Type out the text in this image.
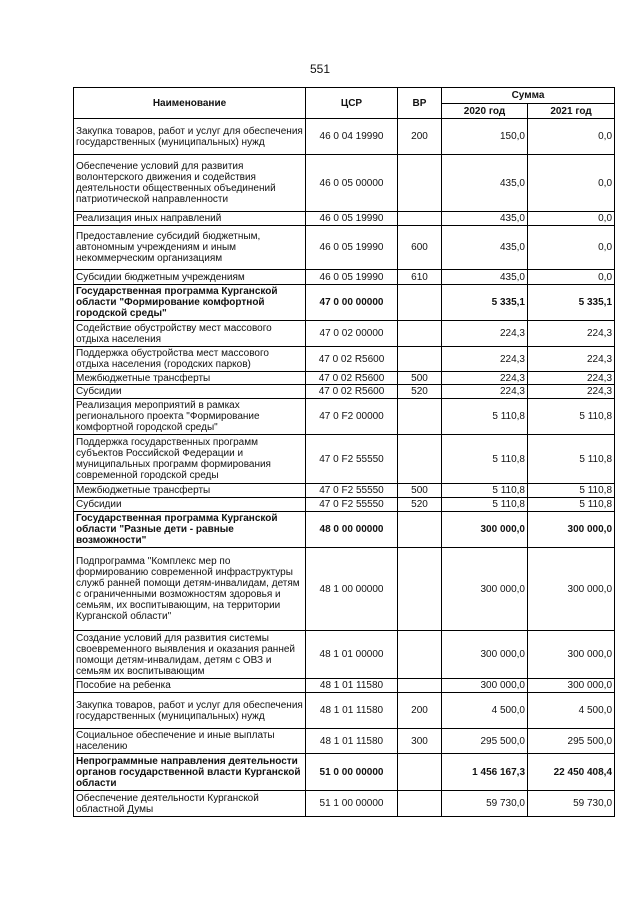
551
Наименование	ЦСР	ВР	Сумма	
			2020 год	2021 год
Закупка товаров, работ и услуг для обеспечения государственных (муниципальных) нужд	46 0 04 19990	200	150,0	0,0
Обеспечение условий для развития волонтерского движения и содействия деятельности общественных объединений патриотической направленности	46 0 05 00000		435,0	0,0
Реализация иных направлений	46 0 05 19990		435,0	0,0
Предоставление субсидий бюджетным, автономным учреждениям и иным некоммерческим организациям	46 0 05 19990	600	435,0	0,0
Субсидии бюджетным учреждениям	46 0 05 19990	610	435,0	0,0
Государственная программа Курганской области "Формирование комфортной городской среды"	47 0 00 00000		5 335,1	5 335,1
Содействие обустройству мест массового отдыха населения	47 0 02 00000		224,3	224,3
Поддержка обустройства мест массового отдыха населения (городских парков)	47 0 02 R5600		224,3	224,3
Межбюджетные трансферты	47 0 02 R5600	500	224,3	224,3
Субсидии	47 0 02 R5600	520	224,3	224,3
Реализация мероприятий в рамках регионального проекта "Формирование комфортной городской среды"	47 0 F2 00000		5 110,8	5 110,8
Поддержка государственных программ субъектов Российской Федерации и муниципальных программ формирования современной городской среды	47 0 F2 55550		5 110,8	5 110,8
Межбюджетные трансферты	47 0 F2 55550	500	5 110,8	5 110,8
Субсидии	47 0 F2 55550	520	5 110,8	5 110,8
Государственная программа Курганской области "Разные дети - равные возможности"	48 0 00 00000		300 000,0	300 000,0
Подпрограмма "Комплекс мер по формированию современной инфраструктуры служб ранней помощи детям-инвалидам, детям с ограниченными возможностям здоровья и семьям, их воспитывающим, на территории Курганской области"	48 1 00 00000		300 000,0	300 000,0
Создание условий для развития системы своевременного выявления и оказания ранней помощи детям-инвалидам, детям с ОВЗ и семьям их воспитывающим	48 1 01 00000		300 000,0	300 000,0
Пособие на ребенка	48 1 01 11580		300 000,0	300 000,0
Закупка товаров, работ и услуг для обеспечения государственных (муниципальных) нужд	48 1 01 11580	200	4 500,0	4 500,0
Социальное обеспечение и иные выплаты населению	48 1 01 11580	300	295 500,0	295 500,0
Непрограммные направления деятельности органов государственной власти Курганской области	51 0 00 00000		1 456 167,3	22 450 408,4
Обеспечение деятельности Курганской областной Думы	51 1 00 00000		59 730,0	59 730,0
